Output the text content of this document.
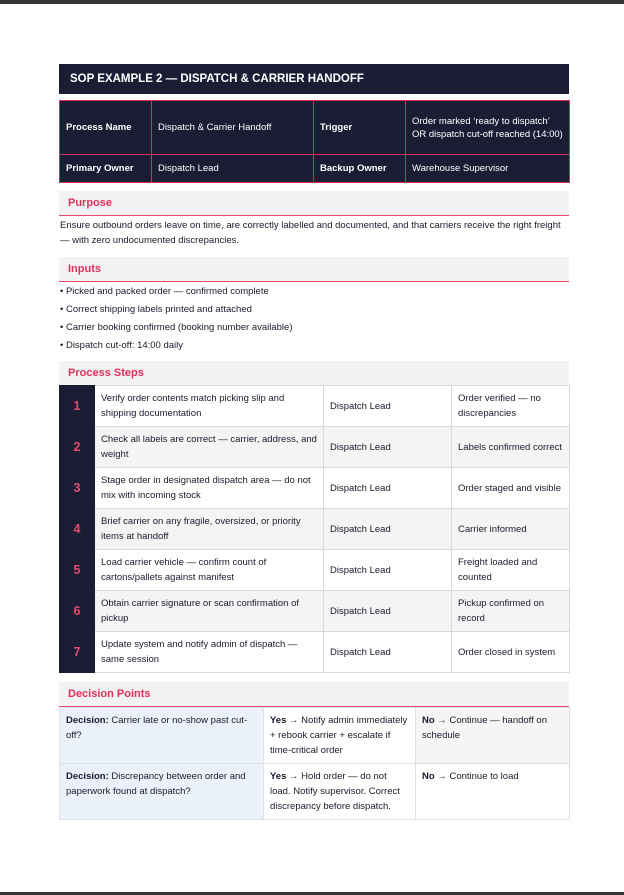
SOP EXAMPLE 2 — DISPATCH & CARRIER HANDOFF
Process Name	Dispatch & Carrier Handoff	Trigger	Order marked ‘ready to dispatch’ OR dispatch cut-off reached (14:00)
Primary Owner	Dispatch Lead	Backup Owner	Warehouse Supervisor
Purpose
Ensure outbound orders leave on time, are correctly labelled and documented, and that carriers receive the right freight — with zero undocumented discrepancies.
Inputs
• Picked and packed order — confirmed complete
• Correct shipping labels printed and attached
• Carrier booking confirmed (booking number available)
• Dispatch cut-off: 14:00 daily
Process Steps
1	Verify order contents match picking slip and shipping documentation	Dispatch Lead	Order verified — no discrepancies
2	Check all labels are correct — carrier, address, and weight	Dispatch Lead	Labels confirmed correct
3	Stage order in designated dispatch area — do not mix with incoming stock	Dispatch Lead	Order staged and visible
4	Brief carrier on any fragile, oversized, or priority items at handoff	Dispatch Lead	Carrier informed
5	Load carrier vehicle — confirm count of cartons/pallets against manifest	Dispatch Lead	Freight loaded and counted
6	Obtain carrier signature or scan confirmation of pickup	Dispatch Lead	Pickup confirmed on record
7	Update system and notify admin of dispatch — same session	Dispatch Lead	Order closed in system
Decision Points
Decision: Carrier late or no-show past cut-off?	Yes → Notify admin immediately + rebook carrier + escalate if time-critical order	No → Continue — handoff on schedule
Decision: Discrepancy between order and paperwork found at dispatch?	Yes → Hold order — do not load. Notify supervisor. Correct discrepancy before dispatch.	No → Continue to load
